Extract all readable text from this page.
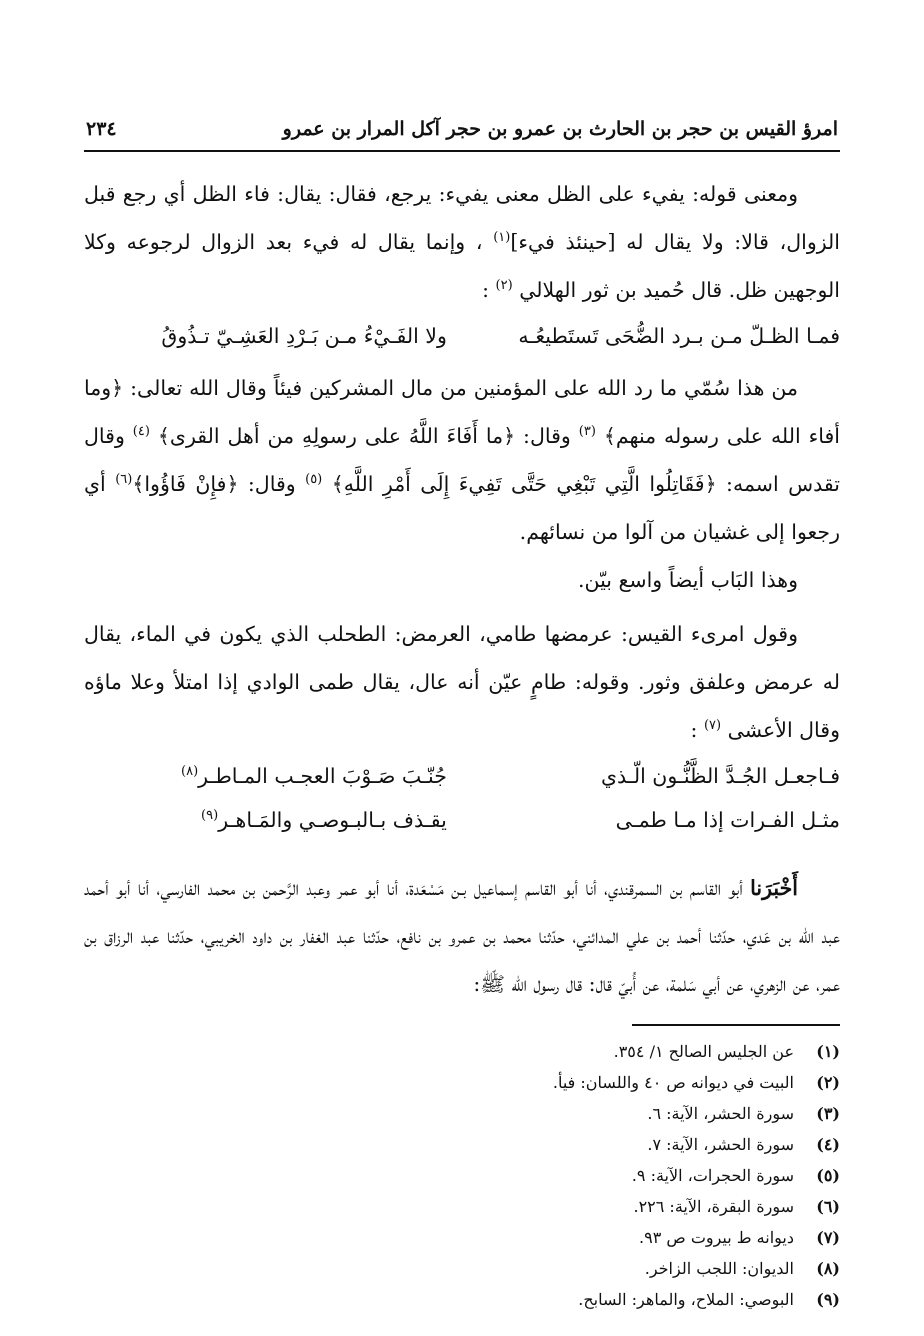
امرؤ القيس بن حجر بن الحارث بن عمرو بن حجر آكل المرار بن عمرو
٢٣٤

ومعنى قوله: يفيء على الظل معنى يفيء: يرجع، فقال: يقال: فاء الظل أي رجع قبل الزوال، قالا: ولا يقال له [حينئذ فيء]$^{(١)}$ ، وإنما يقال له فيء بعد الزوال لرجوعه وكلا الوجهين ظل. قال حُميد بن ثور الهلالي $^{(٢)}$ :

فمـا الظـلّ مـن بـرد الضُّحَى تَستَطيعُـه
ولا الفَـيْءُ مـن بَـرْدِ العَشِـيّ تـذُوقُ

من هذا سُمّي ما رد الله على المؤمنين من مال المشركين فيئاً وقال الله تعالى: ﴿وما أفاء الله على رسوله منهم﴾ $^{(٣)}$ وقال: ﴿ما أَفَاءَ اللَّهُ على رسولِهِ من أهل القرى﴾ $^{(٤)}$ وقال تقدس اسمه: ﴿فَقَاتِلُوا الَّتِي تَبْغِي حَتَّى تَفِيءَ إِلَى أَمْرِ اللَّهِ﴾ $^{(٥)}$ وقال: ﴿فإِنْ فَاؤُوا﴾$^{(٦)}$ أي رجعوا إلى غشيان من آلوا من نسائهم.

وهذا البَاب أيضاً واسع بيّن.

وقول امرىء القيس: عرمضها طامي، العرمض: الطحلب الذي يكون في الماء، يقال له عرمض وعلفق وثور. وقوله: طامٍ عيّن أنه عال، يقال طمى الوادي إذا امتلأ وعلا ماؤه وقال الأعشى $^{(٧)}$ :

فـاجعـل الجُـدَّ الظَّنُّـون الّـذي
جُنّـبَ صَـوْبَ العجـب المـاطـر$^{(٨)}$
مثـل الفـرات إذا مـا طمـى
يقـذف بـالبـوصـي والمَـاهـر$^{(٩)}$

أَخْبَرَنا أبو القاسم بن السمرقندي، أنا أبو القاسم إسماعيل بـن مَسْعَدة، أنا أبو عمر وعبد الرَّحمن بن محمد الفارسي، أنا أبو أحمد عبد اللّه بن عَدي، حدّثنا أحمد بن علي المدائني، حدّثنا محمد بن عمرو بن نافع، حدّثنا عبد الغفار بن داود الخريبي، حدّثنا عبد الرزاق بن عمر، عن الزهري، عن أبي سَلمة، عن أُبيّ قال: قال رسول الله ﷺ:

(١)
عن الجليس الصالح ١/ ٣٥٤.
(٢)
البيت في ديوانه ص ٤٠ واللسان: فيأ.
(٣)
سورة الحشر، الآية: ٦.
(٤)
سورة الحشر، الآية: ٧.
(٥)
سورة الحجرات، الآية: ٩.
(٦)
سورة البقرة، الآية: ٢٢٦.
(٧)
ديوانه ط بيروت ص ٩٣.
(٨)
الديوان: اللجب الزاخر.
(٩)
البوصي: الملاح، والماهر: السابح.
